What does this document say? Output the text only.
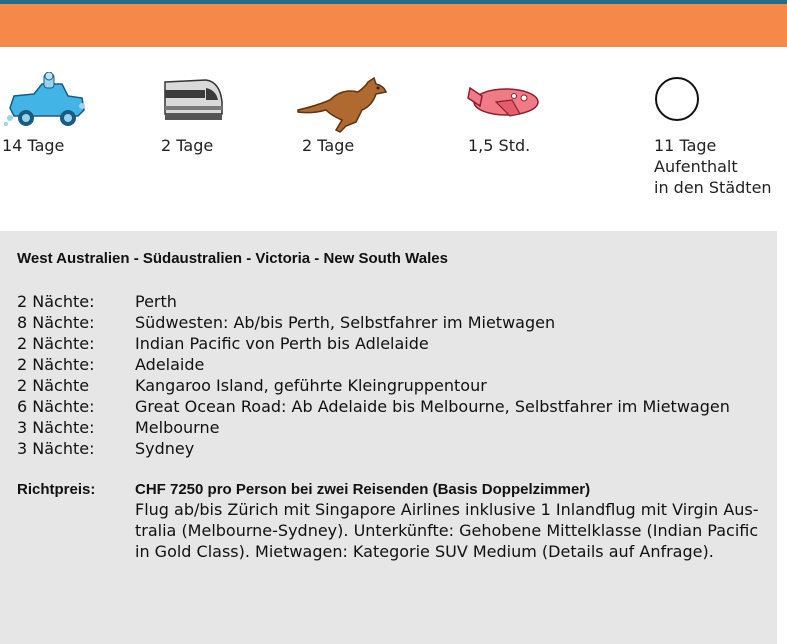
14 Tage	2 Tage	2 Tage	1,5 Std.	11 Tage
Aufenthalt
in den Städten
West Australien - Südaustralien - Victoria - New South Wales
2 Nächte:	Perth
8 Nächte:	Südwesten: Ab/bis Perth, Selbstfahrer im Mietwagen
2 Nächte:	Indian Pacific von Perth bis Adlelaide
2 Nächte:	Adelaide
2 Nächte	Kangaroo Island, geführte Kleingruppentour
6 Nächte:	Great Ocean Road: Ab Adelaide bis Melbourne, Selbstfahrer im Mietwagen
3 Nächte:	Melbourne
3 Nächte:	Sydney
Richtpreis:	CHF 7250 pro Person bei zwei Reisenden (Basis Doppelzimmer)
Flug ab/bis Zürich mit Singapore Airlines inklusive 1 Inlandflug mit Virgin Aus-
tralia (Melbourne-Sydney). Unterkünfte: Gehobene Mittelklasse (Indian Pacific
in Gold Class). Mietwagen: Kategorie SUV Medium (Details auf Anfrage).
